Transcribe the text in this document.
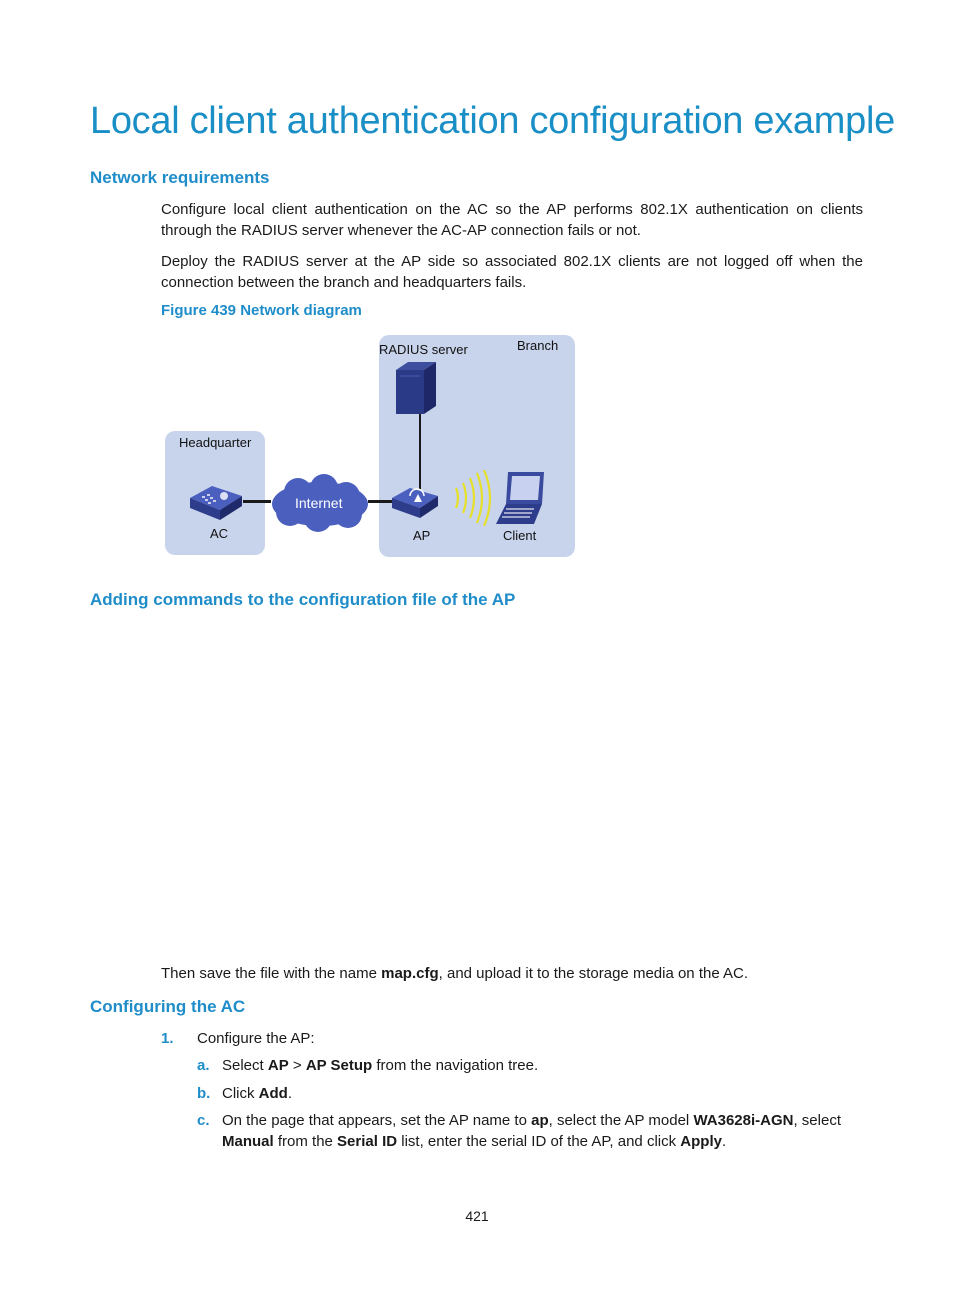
Local client authentication configuration example
Network requirements

Configure local client authentication on the AC so the AP performs 802.1X authentication on clients through the RADIUS server whenever the AC-AP connection fails or not.

Deploy the RADIUS server at the AP side so associated 802.1X clients are not logged off when the connection between the branch and headquarters fails.

Figure 439 Network diagram

Headquarter
Branch
RADIUS server
Internet
AC	AP	Client
Adding commands to the configuration file of the AP

Then save the file with the name map.cfg, and upload it to the storage media on the AC.

Configuring the AC
1. Configure the AP:
a. Select AP > AP Setup from the navigation tree.
b. Click Add.
c. On the page that appears, set the AP name to ap, select the AP model WA3628i-AGN, select
Manual from the Serial ID list, enter the serial ID of the AP, and click Apply.
421
